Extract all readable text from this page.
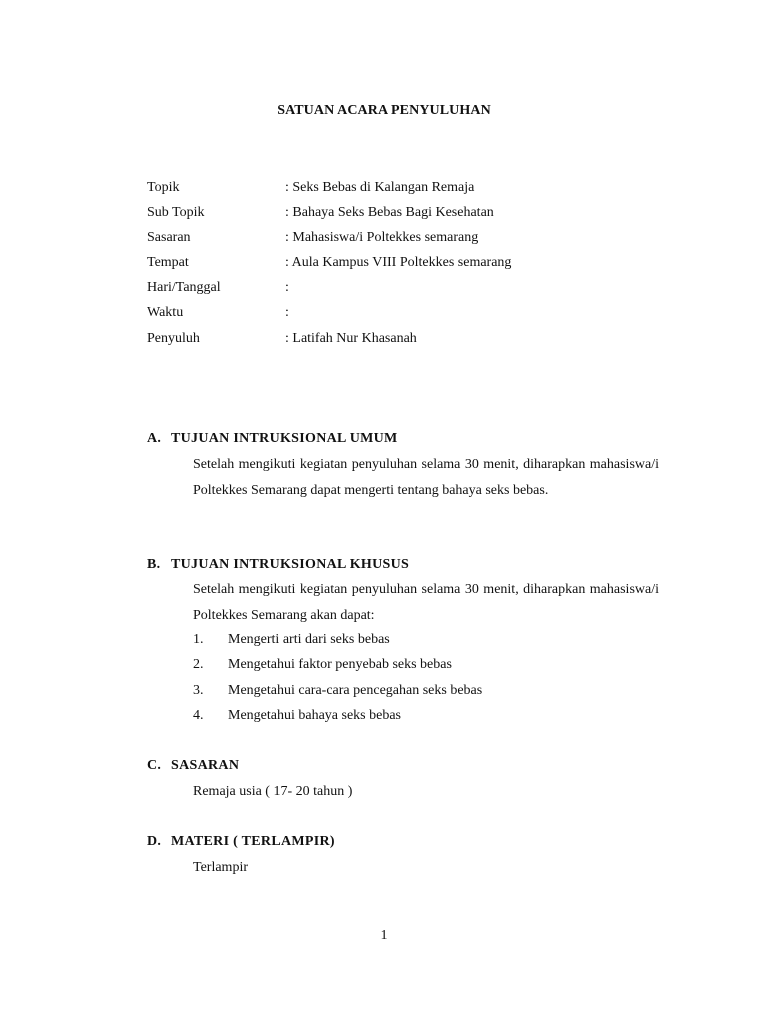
SATUAN ACARA PENYULUHAN
Topik	: Seks Bebas di Kalangan Remaja
Sub Topik	: Bahaya Seks Bebas Bagi Kesehatan
Sasaran	: Mahasiswa/i Poltekkes semarang
Tempat	: Aula Kampus VIII Poltekkes semarang
Hari/Tanggal	:
Waktu	:
Penyuluh	: Latifah Nur Khasanah
A. TUJUAN INTRUKSIONAL UMUM
Setelah mengikuti kegiatan penyuluhan selama 30 menit, diharapkan mahasiswa/i Poltekkes Semarang dapat mengerti tentang bahaya seks bebas.
B. TUJUAN INTRUKSIONAL KHUSUS
Setelah mengikuti kegiatan penyuluhan selama 30 menit, diharapkan mahasiswa/i Poltekkes Semarang akan dapat:
1. Mengerti arti dari seks bebas
2. Mengetahui faktor penyebab seks bebas
3. Mengetahui cara-cara pencegahan seks bebas
4. Mengetahui bahaya seks bebas
C. SASARAN
Remaja usia ( 17- 20 tahun )
D. MATERI ( TERLAMPIR)
Terlampir
1
